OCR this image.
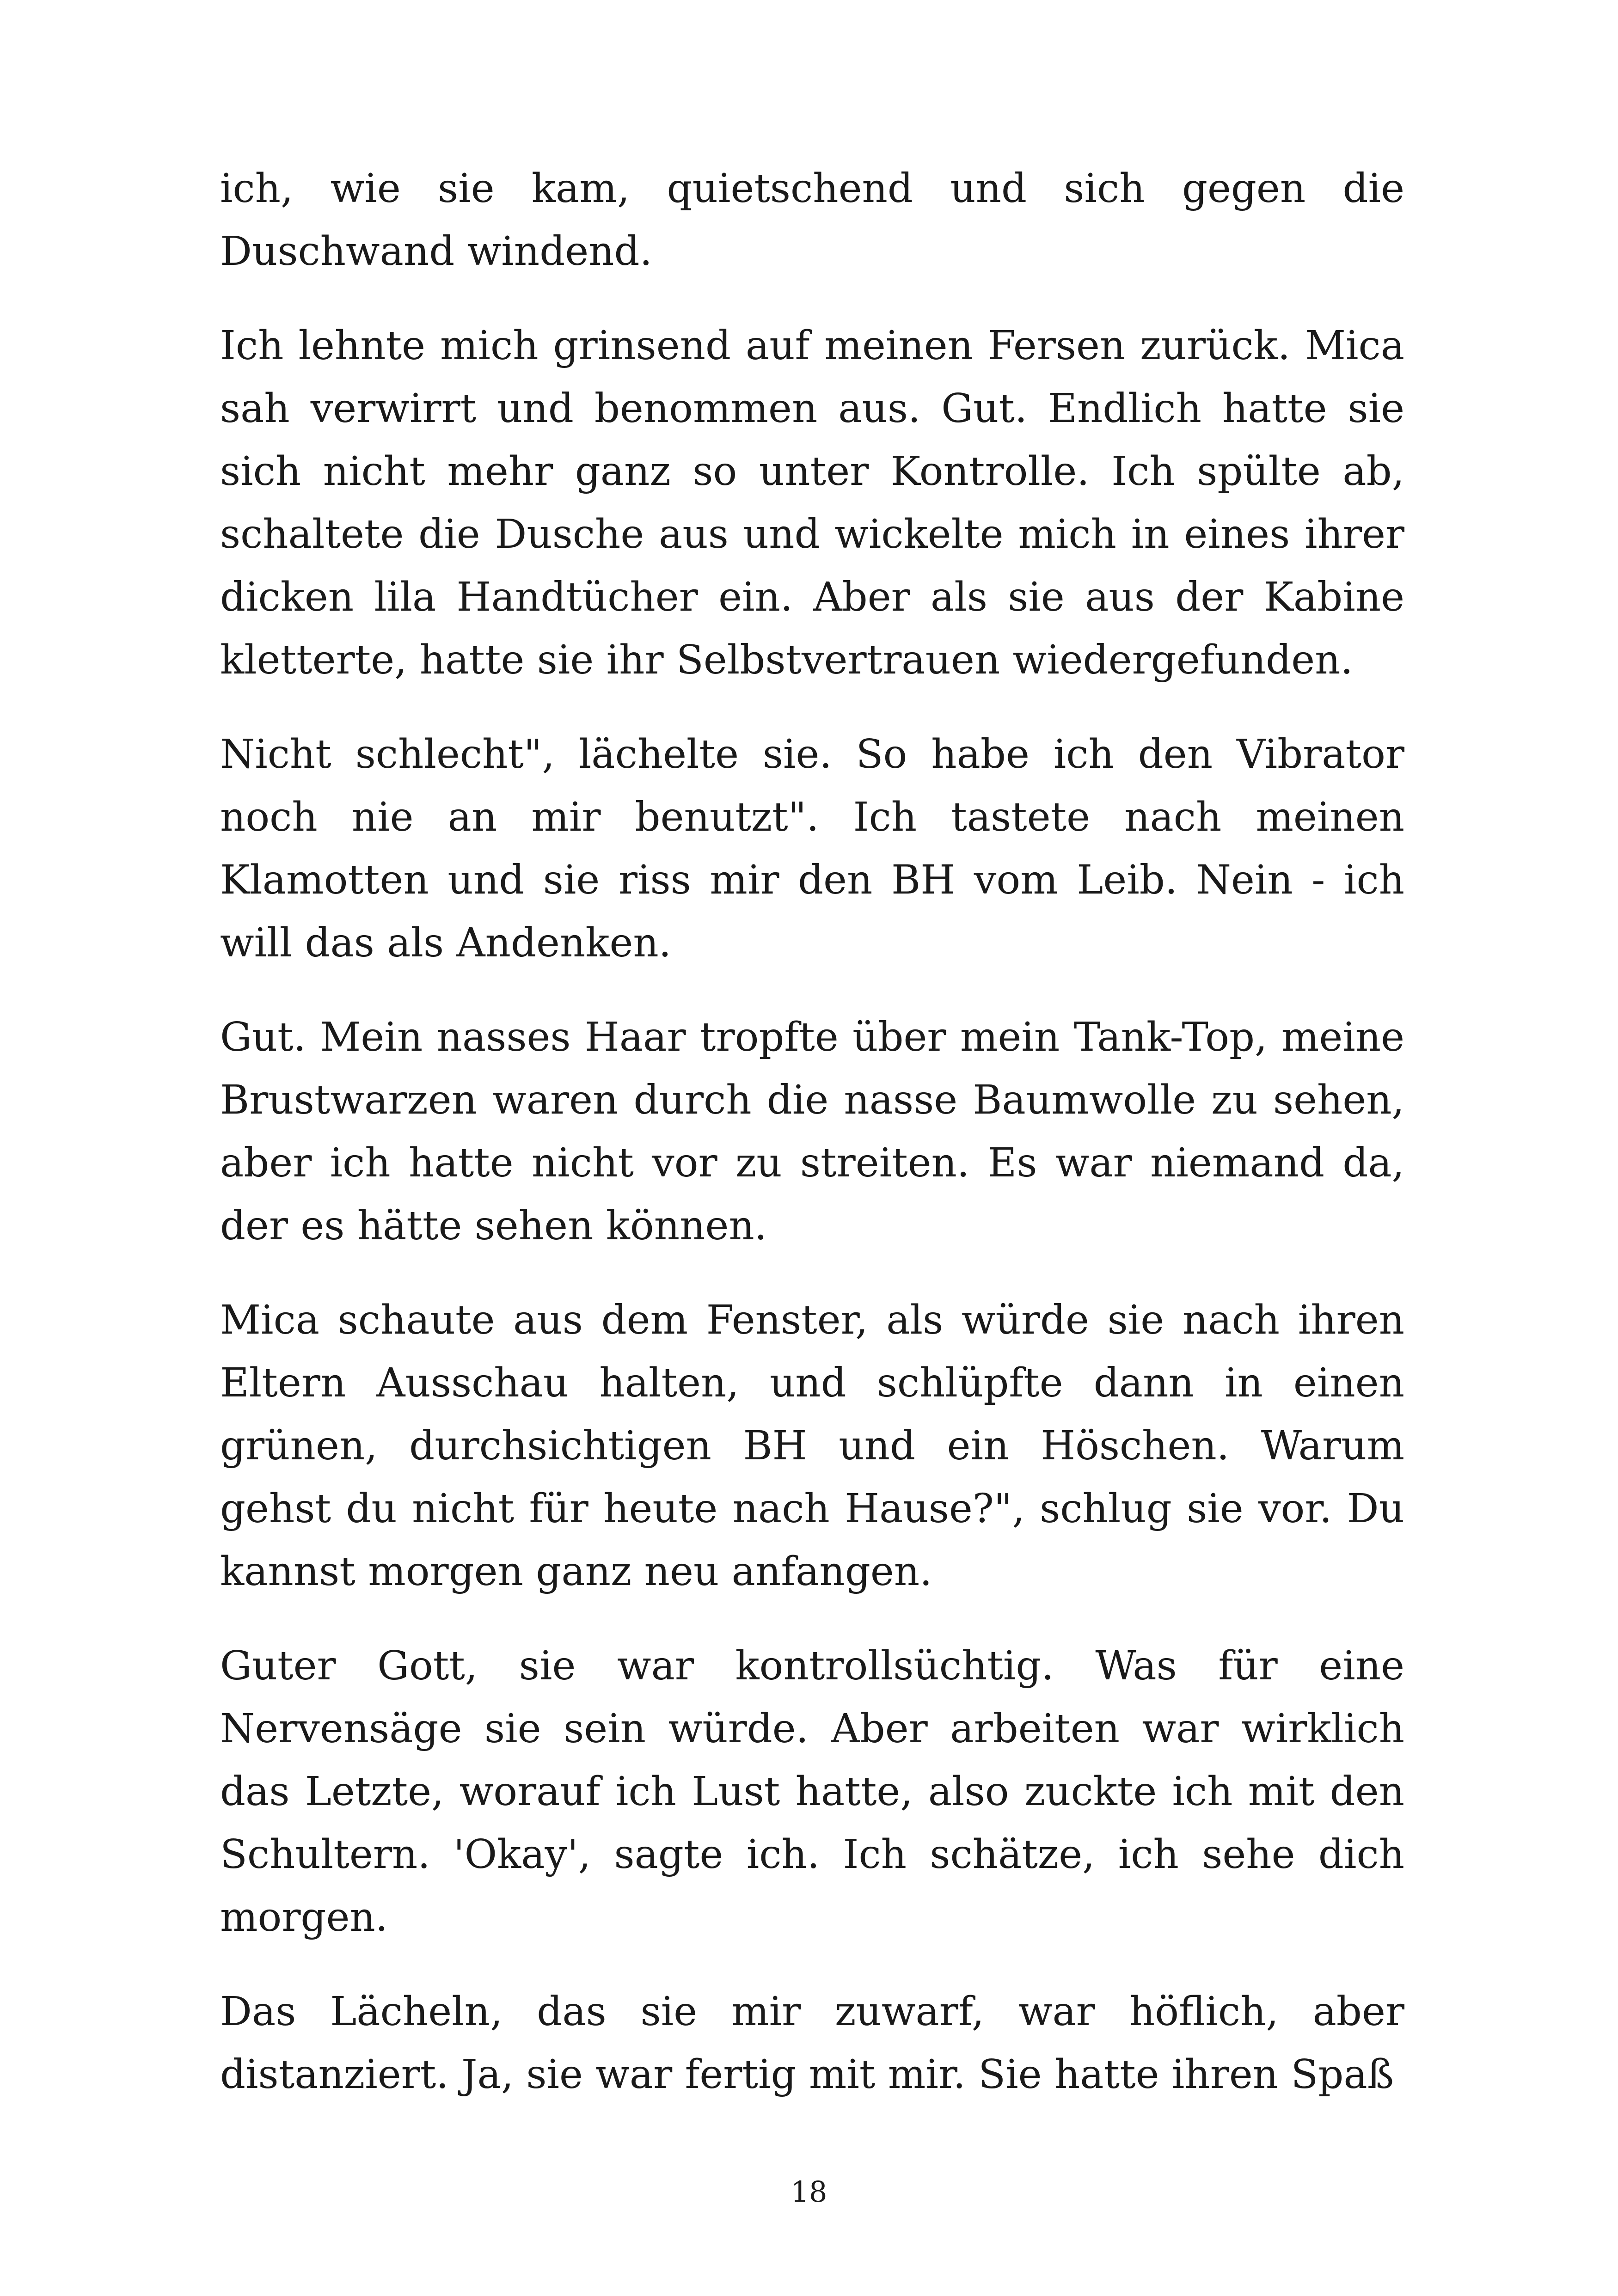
ich, wie sie kam, quietschend und sich gegen die Duschwand windend.

Ich lehnte mich grinsend auf meinen Fersen zurück. Mica sah verwirrt und benommen aus. Gut. Endlich hatte sie sich nicht mehr ganz so unter Kontrolle. Ich spülte ab, schaltete die Dusche aus und wickelte mich in eines ihrer dicken lila Handtücher ein. Aber als sie aus der Kabine kletterte, hatte sie ihr Selbstvertrauen wiedergefunden.

Nicht schlecht", lächelte sie. So habe ich den Vibrator noch nie an mir benutzt". Ich tastete nach meinen Klamotten und sie riss mir den BH vom Leib. Nein - ich will das als Andenken.

Gut. Mein nasses Haar tropfte über mein Tank-Top, meine Brustwarzen waren durch die nasse Baumwolle zu sehen, aber ich hatte nicht vor zu streiten. Es war niemand da, der es hätte sehen können.

Mica schaute aus dem Fenster, als würde sie nach ihren Eltern Ausschau halten, und schlüpfte dann in einen grünen, durchsichtigen BH und ein Höschen. Warum gehst du nicht für heute nach Hause?", schlug sie vor. Du kannst morgen ganz neu anfangen.

Guter Gott, sie war kontrollsüchtig. Was für eine Nervensäge sie sein würde. Aber arbeiten war wirklich das Letzte, worauf ich Lust hatte, also zuckte ich mit den Schultern. 'Okay', sagte ich. Ich schätze, ich sehe dich morgen.

Das Lächeln, das sie mir zuwarf, war höflich, aber distanziert. Ja, sie war fertig mit mir. Sie hatte ihren Spaß

18
